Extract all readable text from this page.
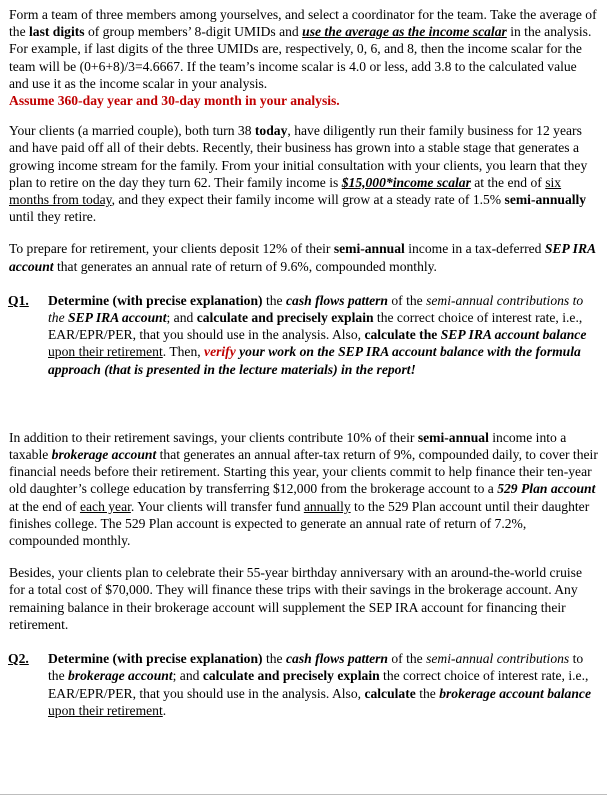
Form a team of three members among yourselves, and select a coordinator for the team. Take the average of the last digits of group members’ 8-digit UMIDs and use the average as the income scalar in the analysis. For example, if last digits of the three UMIDs are, respectively, 0, 6, and 8, then the income scalar for the team will be (0+6+8)/3=4.6667. If the team’s income scalar is 4.0 or less, add 3.8 to the calculated value and use it as the income scalar in your analysis.
Assume 360-day year and 30-day month in your analysis.

Your clients (a married couple), both turn 38 today, have diligently run their family business for 12 years and have paid off all of their debts. Recently, their business has grown into a stable stage that generates a growing income stream for the family. From your initial consultation with your clients, you learn that they plan to retire on the day they turn 62. Their family income is $15,000*income scalar at the end of six months from today, and they expect their family income will grow at a steady rate of 1.5% semi-annually until they retire.

To prepare for retirement, your clients deposit 12% of their semi-annual income in a tax-deferred SEP IRA account that generates an annual rate of return of 9.6%, compounded monthly.

Q1.	Determine (with precise explanation) the cash flows pattern of the semi-annual contributions to the SEP IRA account; and calculate and precisely explain the correct choice of interest rate, i.e., EAR/EPR/PER, that you should use in the analysis. Also, calculate the SEP IRA account balance upon their retirement. Then, verify your work on the SEP IRA account balance with the formula approach (that is presented in the lecture materials) in the report!

In addition to their retirement savings, your clients contribute 10% of their semi-annual income into a taxable brokerage account that generates an annual after-tax return of 9%, compounded daily, to cover their financial needs before their retirement. Starting this year, your clients commit to help finance their ten-year old daughter’s college education by transferring $12,000 from the brokerage account to a 529 Plan account at the end of each year. Your clients will transfer fund annually to the 529 Plan account until their daughter finishes college. The 529 Plan account is expected to generate an annual rate of return of 7.2%, compounded monthly.

Besides, your clients plan to celebrate their 55-year birthday anniversary with an around-the-world cruise for a total cost of $70,000. They will finance these trips with their savings in the brokerage account. Any remaining balance in their brokerage account will supplement the SEP IRA account for financing their retirement.

Q2.	Determine (with precise explanation) the cash flows pattern of the semi-annual contributions to the brokerage account; and calculate and precisely explain the correct choice of interest rate, i.e., EAR/EPR/PER, that you should use in the analysis. Also, calculate the brokerage account balance upon their retirement.
